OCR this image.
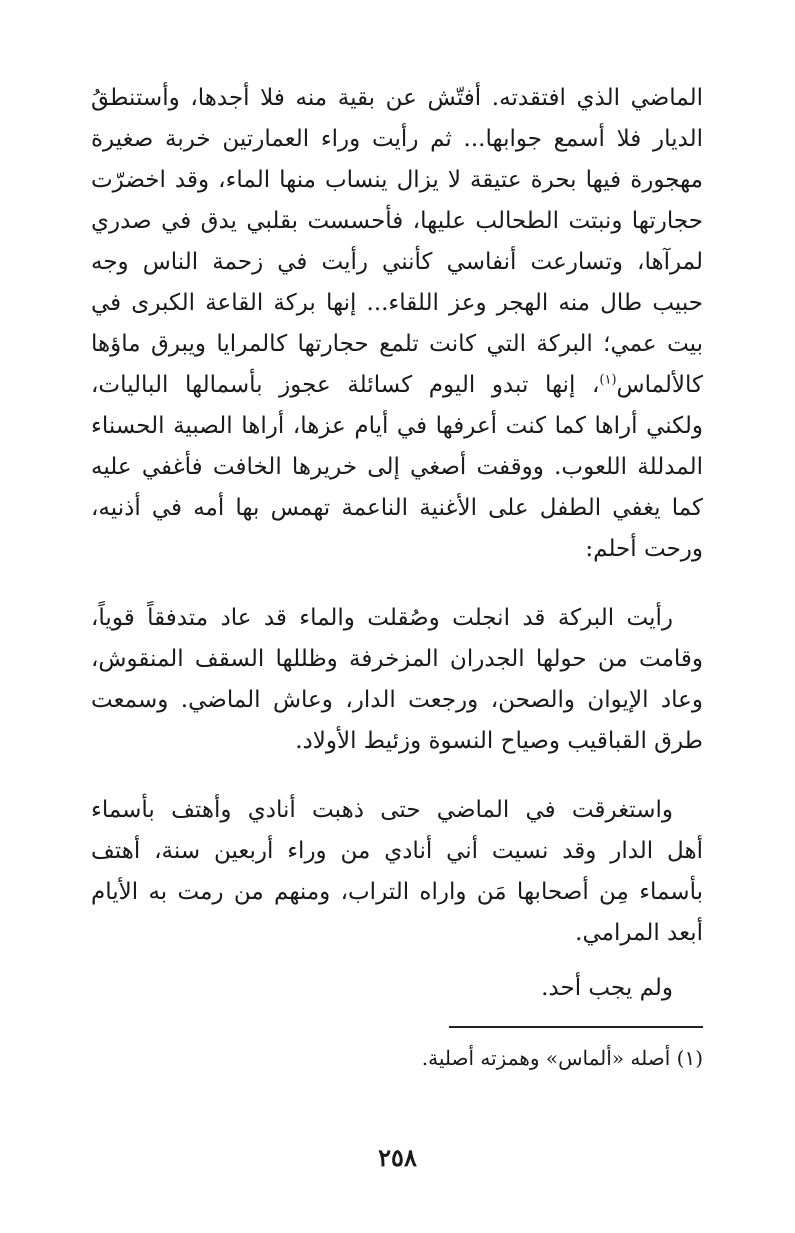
الماضي الذي افتقدته. أفتّش عن بقية منه فلا أجدها، وأستنطقُ
الديار فلا أسمع جوابها... ثم رأيت وراء العمارتين خربة صغيرة
مهجورة فيها بحرة عتيقة لا يزال ينساب منها الماء، وقد اخضرّت
حجارتها ونبتت الطحالب عليها، فأحسست بقلبي يدق في صدري
لمرآها، وتسارعت أنفاسي كأنني رأيت في زحمة الناس وجه
حبيب طال منه الهجر وعز اللقاء... إنها بركة القاعة الكبرى في
بيت عمي؛ البركة التي كانت تلمع حجارتها كالمرايا ويبرق ماؤها
كالألماس$^{(١)}$، إنها تبدو اليوم كسائلة عجوز بأسمالها الباليات،
ولكني أراها كما كنت أعرفها في أيام عزها، أراها الصبية الحسناء
المدللة اللعوب. ووقفت أصغي إلى خريرها الخافت فأغفي عليه
كما يغفي الطفل على الأغنية الناعمة تهمس بها أمه في أذنيه،
ورحت أحلم:
رأيت البركة قد انجلت وصُقلت والماء قد عاد متدفقاً قوياً،
وقامت من حولها الجدران المزخرفة وظللها السقف المنقوش،
وعاد الإيوان والصحن، ورجعت الدار، وعاش الماضي. وسمعت
طرق القباقيب وصياح النسوة وزئيط الأولاد.
واستغرقت في الماضي حتى ذهبت أنادي وأهتف بأسماء
أهل الدار وقد نسيت أني أنادي من وراء أربعين سنة، أهتف
بأسماء مِن أصحابها مَن واراه التراب، ومنهم من رمت به الأيام
أبعد المرامي.
ولم يجب أحد.
(١) أصله «ألماس» وهمزته أصلية.
٢٥٨
